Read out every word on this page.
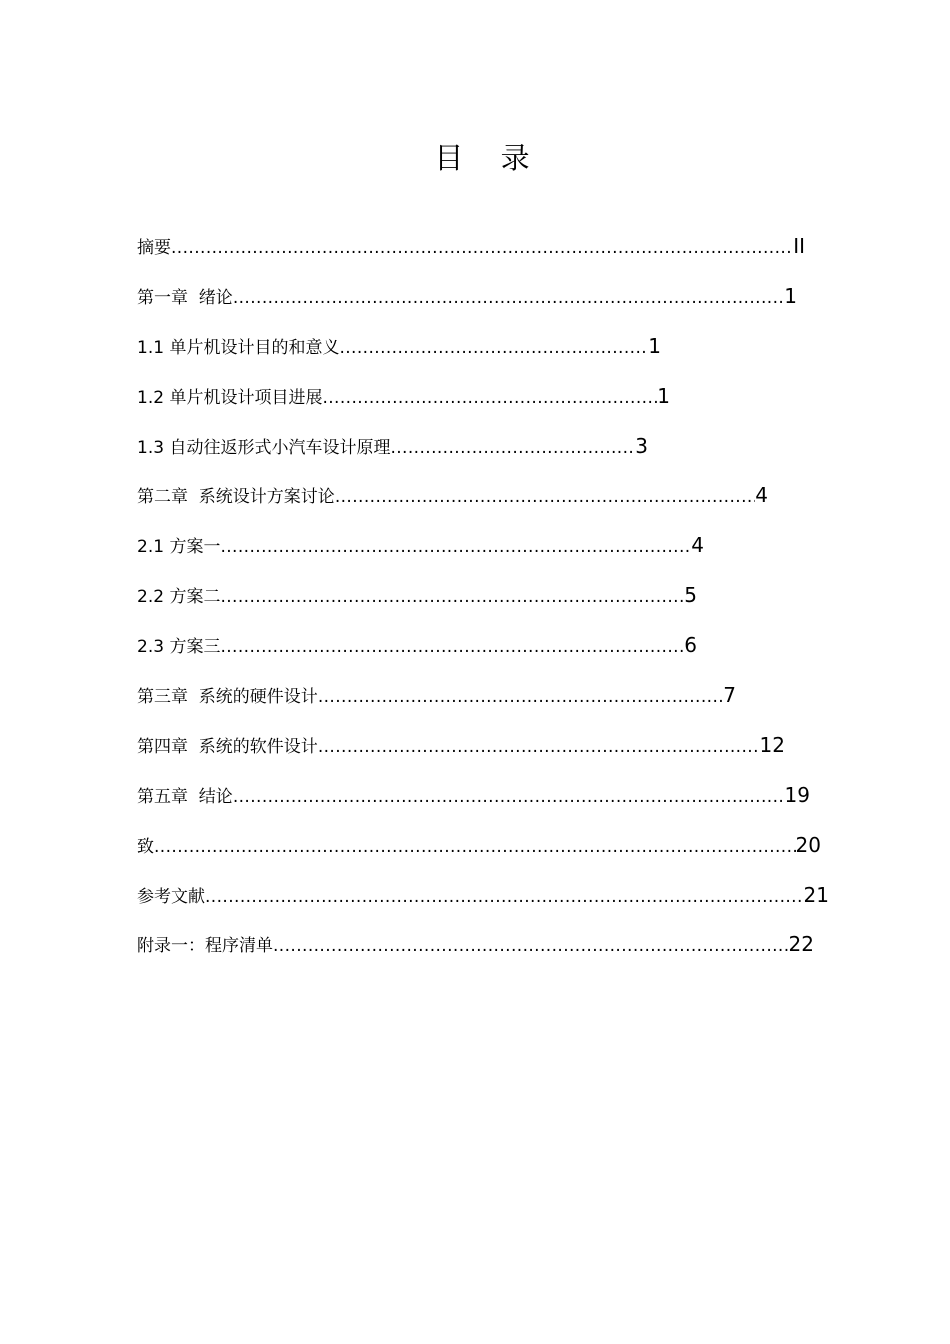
目 录
摘要 .....	II
第一章  绪论 .....	1
1.1 单片机设计目的和意义 .....	1
1.2 单片机设计项目进展 .....	1
1.3 自动往返形式小汽车设计原理 .....	3
第二章  系统设计方案讨论 .....	4
2.1 方案一 .....	4
2.2 方案二 .....	5
2.3 方案三 .....	6
第三章  系统的硬件设计 .....	7
第四章  系统的软件设计 .....	12
第五章  结论 .....	19
致 .....	20
参考文献 .....	21
附录一：程序清单 .....	22
